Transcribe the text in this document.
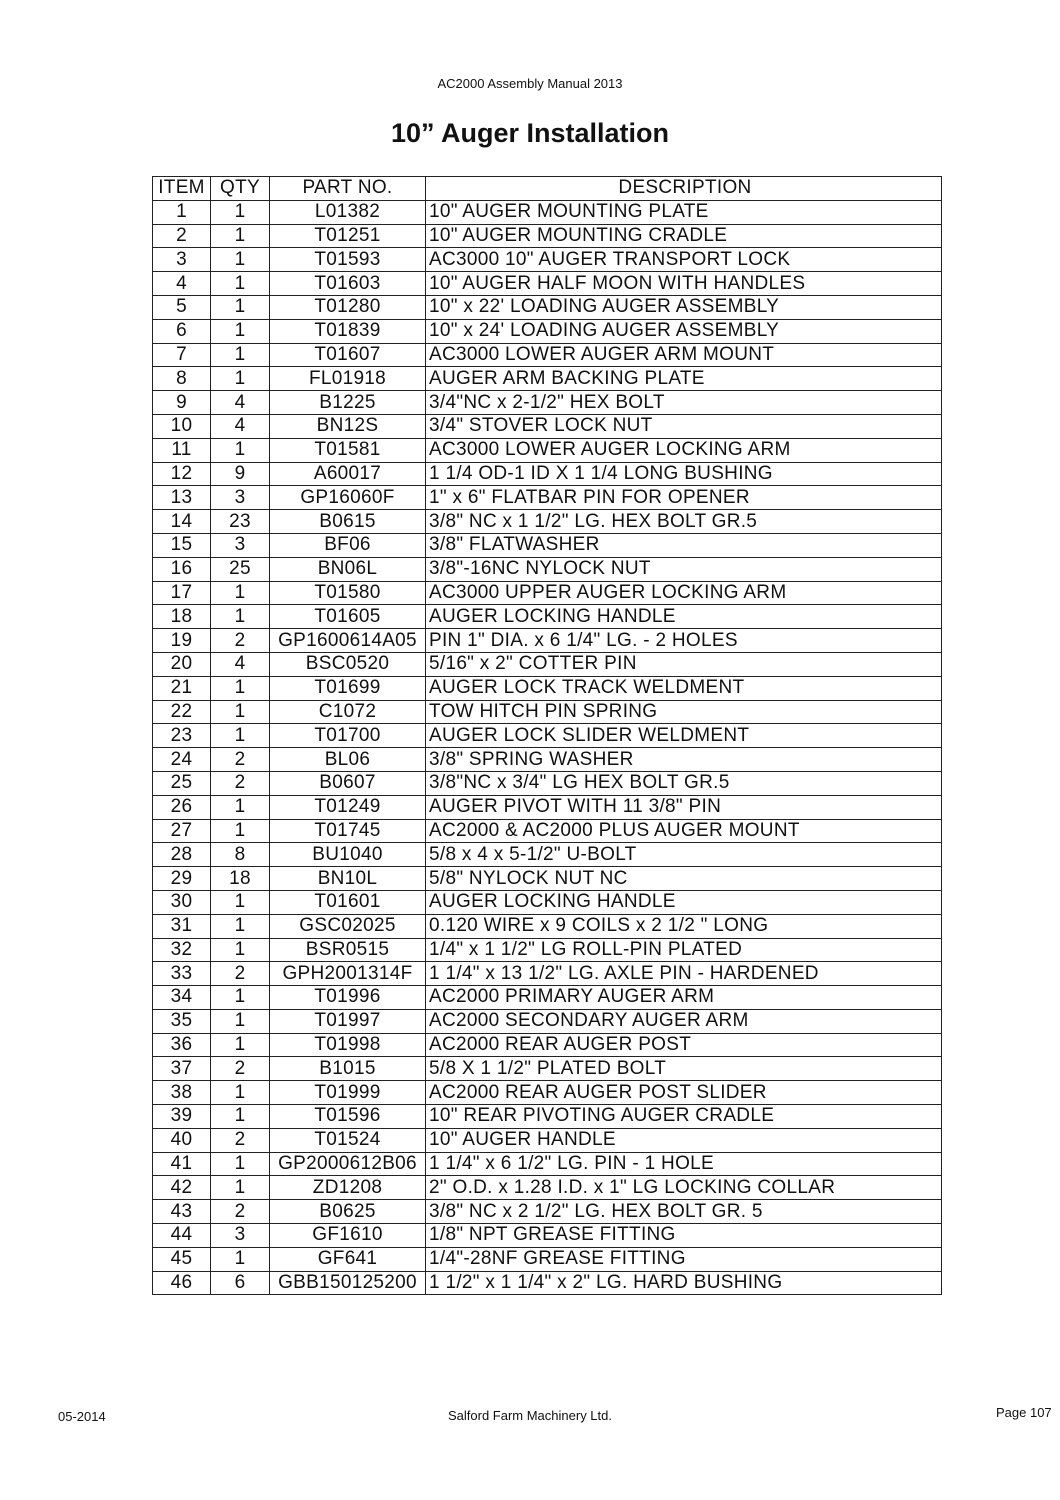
AC2000 Assembly Manual 2013
10” Auger Installation
ITEM	QTY	PART NO.	DESCRIPTION
1	1	L01382	10" AUGER MOUNTING PLATE
2	1	T01251	10" AUGER MOUNTING CRADLE
3	1	T01593	AC3000 10" AUGER TRANSPORT LOCK
4	1	T01603	10" AUGER HALF MOON WITH HANDLES
5	1	T01280	10" x 22' LOADING AUGER ASSEMBLY
6	1	T01839	10" x 24' LOADING AUGER ASSEMBLY
7	1	T01607	AC3000 LOWER AUGER ARM MOUNT
8	1	FL01918	AUGER ARM BACKING PLATE
9	4	B1225	3/4"NC x 2-1/2" HEX BOLT
10	4	BN12S	3/4" STOVER LOCK NUT
11	1	T01581	AC3000 LOWER AUGER LOCKING ARM
12	9	A60017	1 1/4 OD-1 ID X 1 1/4 LONG BUSHING
13	3	GP16060F	1" x 6" FLATBAR PIN FOR OPENER
14	23	B0615	3/8" NC x 1 1/2" LG. HEX BOLT GR.5
15	3	BF06	3/8" FLATWASHER
16	25	BN06L	3/8"-16NC NYLOCK NUT
17	1	T01580	AC3000 UPPER AUGER LOCKING ARM
18	1	T01605	AUGER LOCKING HANDLE
19	2	GP1600614A05	PIN 1" DIA. x 6 1/4" LG. - 2 HOLES
20	4	BSC0520	5/16" x 2" COTTER PIN
21	1	T01699	AUGER LOCK TRACK WELDMENT
22	1	C1072	TOW HITCH PIN SPRING
23	1	T01700	AUGER LOCK SLIDER WELDMENT
24	2	BL06	3/8" SPRING WASHER
25	2	B0607	3/8"NC x 3/4" LG HEX BOLT GR.5
26	1	T01249	AUGER PIVOT WITH 11 3/8" PIN
27	1	T01745	AC2000 & AC2000 PLUS AUGER MOUNT
28	8	BU1040	5/8 x 4 x 5-1/2" U-BOLT
29	18	BN10L	5/8" NYLOCK NUT NC
30	1	T01601	AUGER LOCKING HANDLE
31	1	GSC02025	0.120 WIRE x 9 COILS x 2 1/2 " LONG
32	1	BSR0515	1/4" x 1 1/2" LG ROLL-PIN PLATED
33	2	GPH2001314F	1 1/4" x 13 1/2" LG. AXLE PIN - HARDENED
34	1	T01996	AC2000 PRIMARY AUGER ARM
35	1	T01997	AC2000 SECONDARY AUGER ARM
36	1	T01998	AC2000 REAR AUGER POST
37	2	B1015	5/8 X 1 1/2" PLATED BOLT
38	1	T01999	AC2000 REAR AUGER POST SLIDER
39	1	T01596	10" REAR PIVOTING AUGER CRADLE
40	2	T01524	10" AUGER HANDLE
41	1	GP2000612B06	1 1/4" x 6 1/2" LG. PIN - 1 HOLE
42	1	ZD1208	2" O.D. x 1.28 I.D. x 1" LG LOCKING COLLAR
43	2	B0625	3/8" NC x 2 1/2" LG. HEX BOLT GR. 5
44	3	GF1610	1/8" NPT GREASE FITTING
45	1	GF641	1/4"-28NF GREASE FITTING
46	6	GBB150125200	1 1/2" x 1 1/4" x 2" LG. HARD BUSHING
05-2014	Salford Farm Machinery Ltd.	Page 107
